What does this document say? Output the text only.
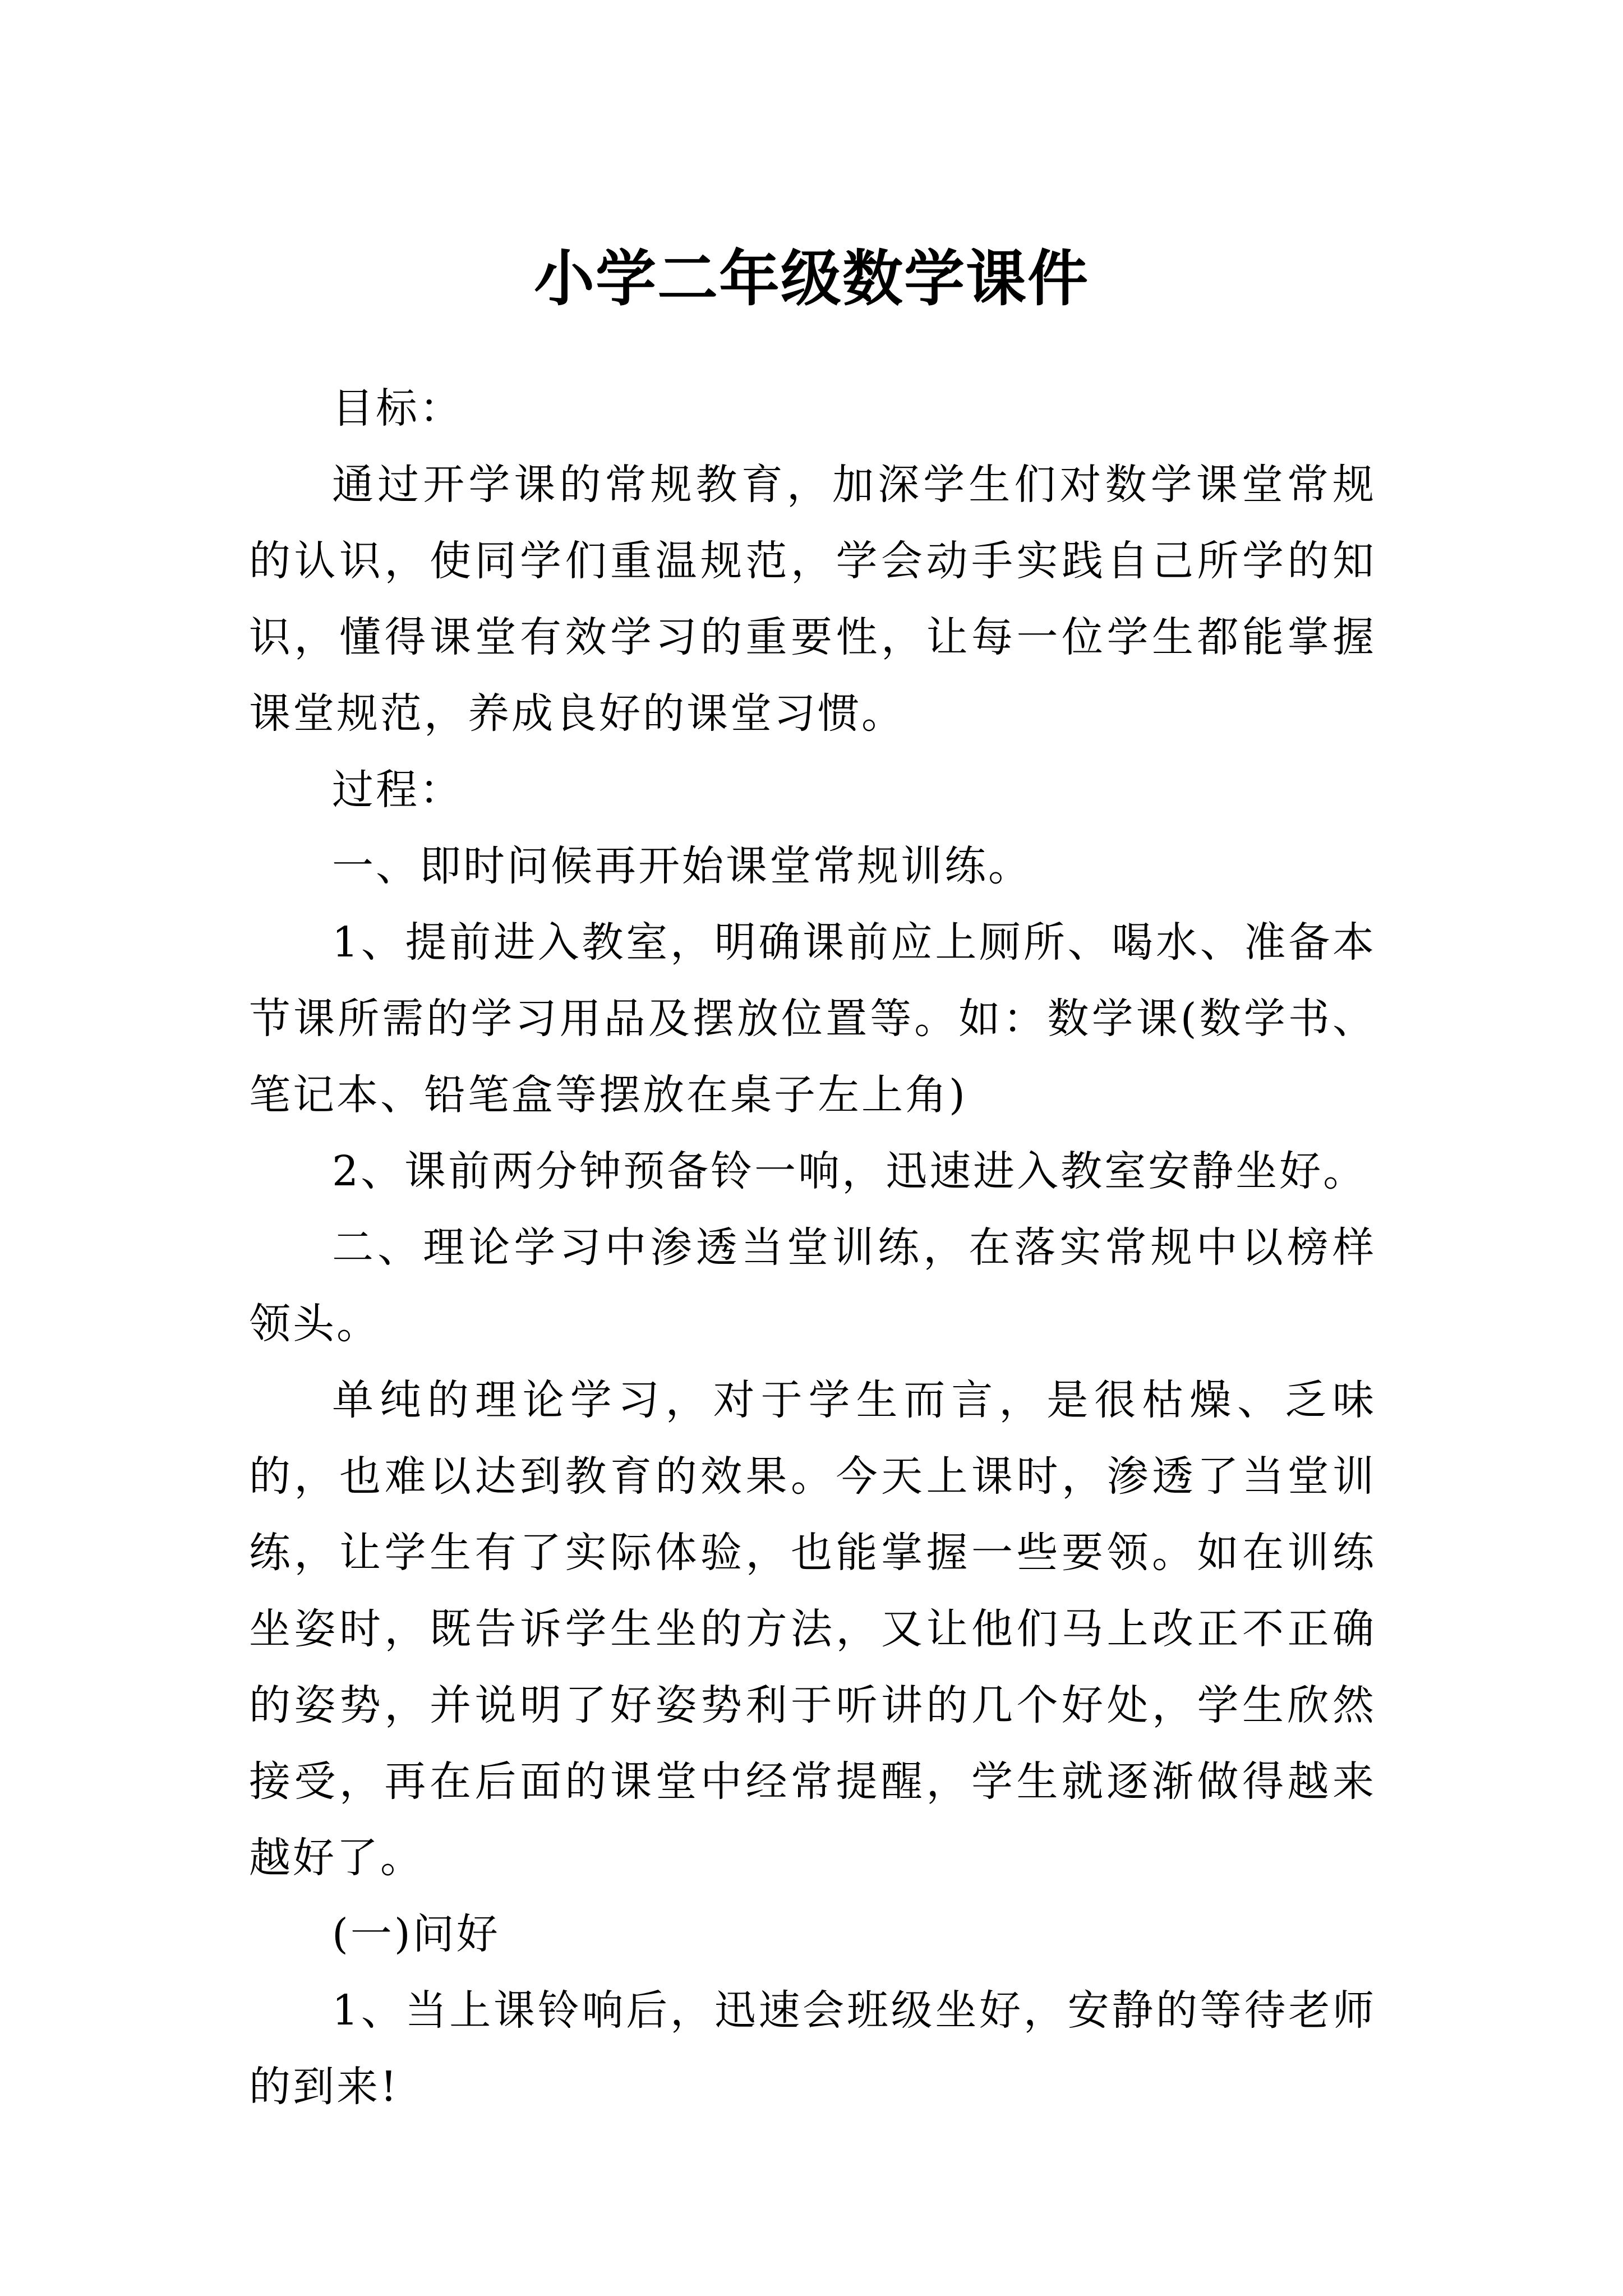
小学二年级数学课件

目标：

通过开学课的常规教育，加深学生们对数学课堂常规的认识，使同学们重温规范，学会动手实践自己所学的知识，懂得课堂有效学习的重要性，让每一位学生都能掌握课堂规范，养成良好的课堂习惯。

过程：

一、即时问候再开始课堂常规训练。

1、提前进入教室，明确课前应上厕所、喝水、准备本节课所需的学习用品及摆放位置等。如：数学课(数学书、笔记本、铅笔盒等摆放在桌子左上角)

2、课前两分钟预备铃一响，迅速进入教室安静坐好。

二、理论学习中渗透当堂训练，在落实常规中以榜样领头。

单纯的理论学习，对于学生而言，是很枯燥、乏味的，也难以达到教育的效果。今天上课时，渗透了当堂训练，让学生有了实际体验，也能掌握一些要领。如在训练坐姿时，既告诉学生坐的方法，又让他们马上改正不正确的姿势，并说明了好姿势利于听讲的几个好处，学生欣然接受，再在后面的课堂中经常提醒，学生就逐渐做得越来越好了。

(一)问好

1、当上课铃响后，迅速会班级坐好，安静的等待老师的到来!
